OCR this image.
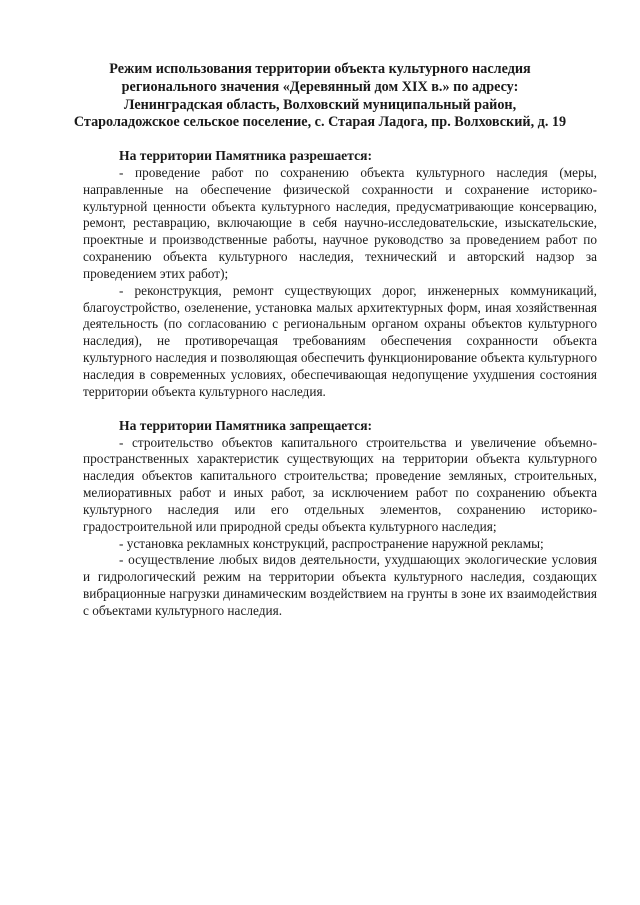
Режим использования территории объекта культурного наследия
регионального значения «Деревянный дом XIX в.» по адресу:
Ленинградская область, Волховский муниципальный район,
Староладожское сельское поселение, с. Старая Ладога, пр. Волховский, д. 19

На территории Памятника разрешается:

- проведение работ по сохранению объекта культурного наследия (меры, направленные на обеспечение физической сохранности и сохранение историко-культурной ценности объекта культурного наследия, предусматривающие консервацию, ремонт, реставрацию, включающие в себя научно-исследовательские, изыскательские, проектные и производственные работы, научное руководство за проведением работ по сохранению объекта культурного наследия, технический и авторский надзор за проведением этих работ);

- реконструкция, ремонт существующих дорог, инженерных коммуникаций, благоустройство, озеленение, установка малых архитектурных форм, иная хозяйственная деятельность (по согласованию с региональным органом охраны объектов культурного наследия), не противоречащая требованиям обеспечения сохранности объекта культурного наследия и позволяющая обеспечить функционирование объекта культурного наследия в современных условиях, обеспечивающая недопущение ухудшения состояния территории объекта культурного наследия.

На территории Памятника запрещается:

- строительство объектов капитального строительства и увеличение объемно-пространственных характеристик существующих на территории объекта культурного наследия объектов капитального строительства; проведение земляных, строительных, мелиоративных работ и иных работ, за исключением работ по сохранению объекта культурного наследия или его отдельных элементов, сохранению историко-градостроительной или природной среды объекта культурного наследия;

- установка рекламных конструкций, распространение наружной рекламы;

- осуществление любых видов деятельности, ухудшающих экологические условия и гидрологический режим на территории объекта культурного наследия, создающих вибрационные нагрузки динамическим воздействием на грунты в зоне их взаимодействия с объектами культурного наследия.
